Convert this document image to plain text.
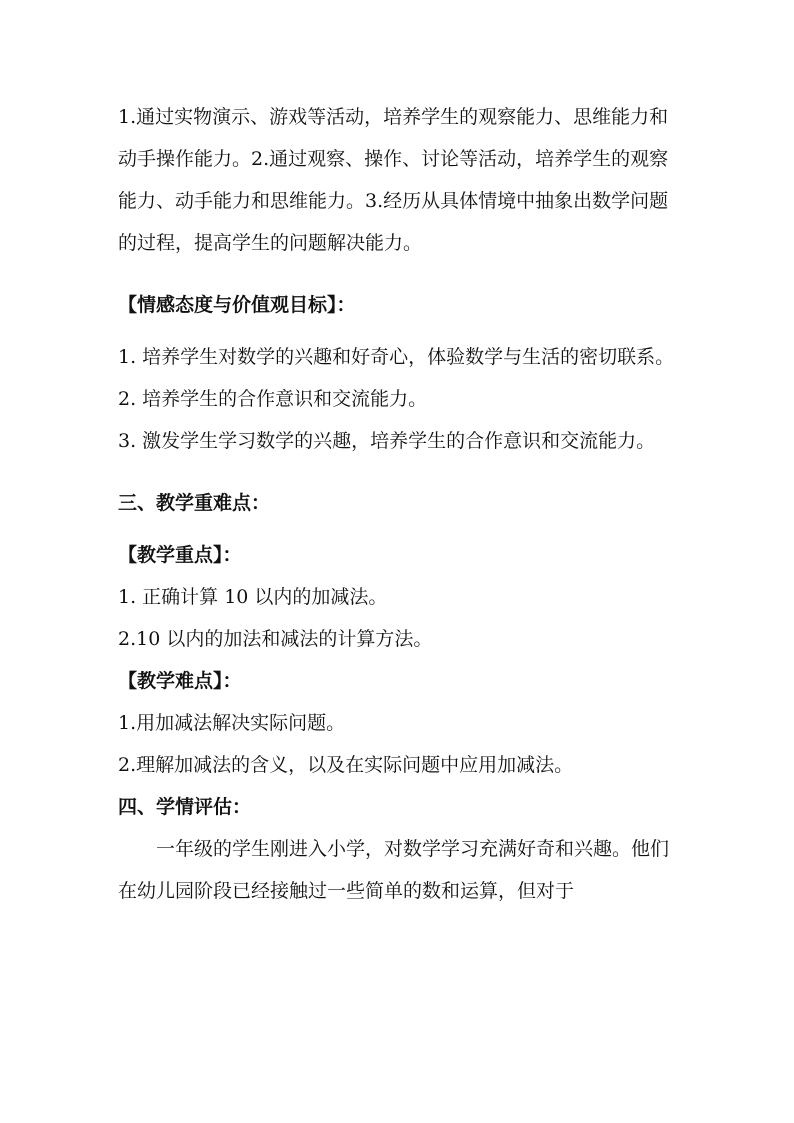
1.通过实物演示、游戏等活动，培养学生的观察能力、思维能力和动手操作能力。2.通过观察、操作、讨论等活动，培养学生的观察能力、动手能力和思维能力。3.经历从具体情境中抽象出数学问题的过程，提高学生的问题解决能力。

【情感态度与价值观目标】：

1. 培养学生对数学的兴趣和好奇心，体验数学与生活的密切联系。

2. 培养学生的合作意识和交流能力。

3. 激发学生学习数学的兴趣，培养学生的合作意识和交流能力。

三、教学重难点：

【教学重点】：

1. 正确计算 10 以内的加减法。

2.10 以内的加法和减法的计算方法。

【教学难点】：

1.用加减法解决实际问题。

2.理解加减法的含义，以及在实际问题中应用加减法。

四、学情评估：

一年级的学生刚进入小学，对数学学习充满好奇和兴趣。他们在幼儿园阶段已经接触过一些简单的数和运算，但对于
